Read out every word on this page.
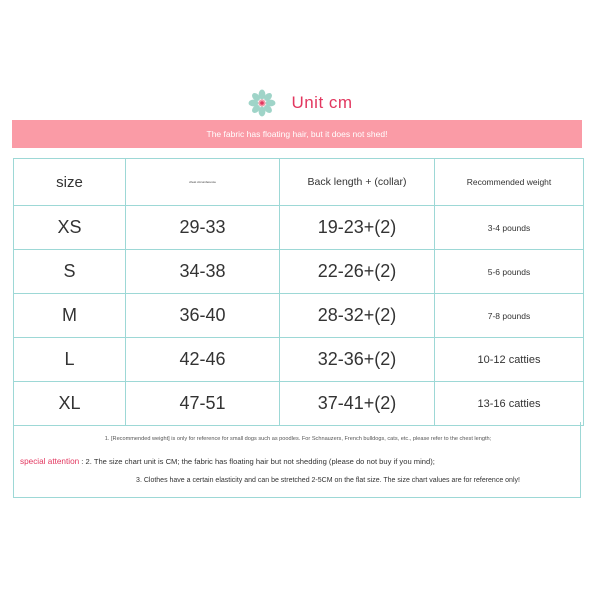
Unit cm
The fabric has floating hair, but it does not shed!
size	chest circumference	Back length + (collar)	Recommended weight
XS	29-33	19-23+(2)	3-4 pounds
S	34-38	22-26+(2)	5-6 pounds
M	36-40	28-32+(2)	7-8 pounds
L	42-46	32-36+(2)	10-12 catties
XL	47-51	37-41+(2)	13-16 catties
1. [Recommended weight] is only for reference for small dogs such as poodles. For Schnauzers, French bulldogs, cats, etc., please refer to the chest length;
special attention : 2. The size chart unit is CM; the fabric has floating hair but not shedding (please do not buy if you mind);
3. Clothes have a certain elasticity and can be stretched 2-5CM on the flat size. The size chart values are for reference only!
